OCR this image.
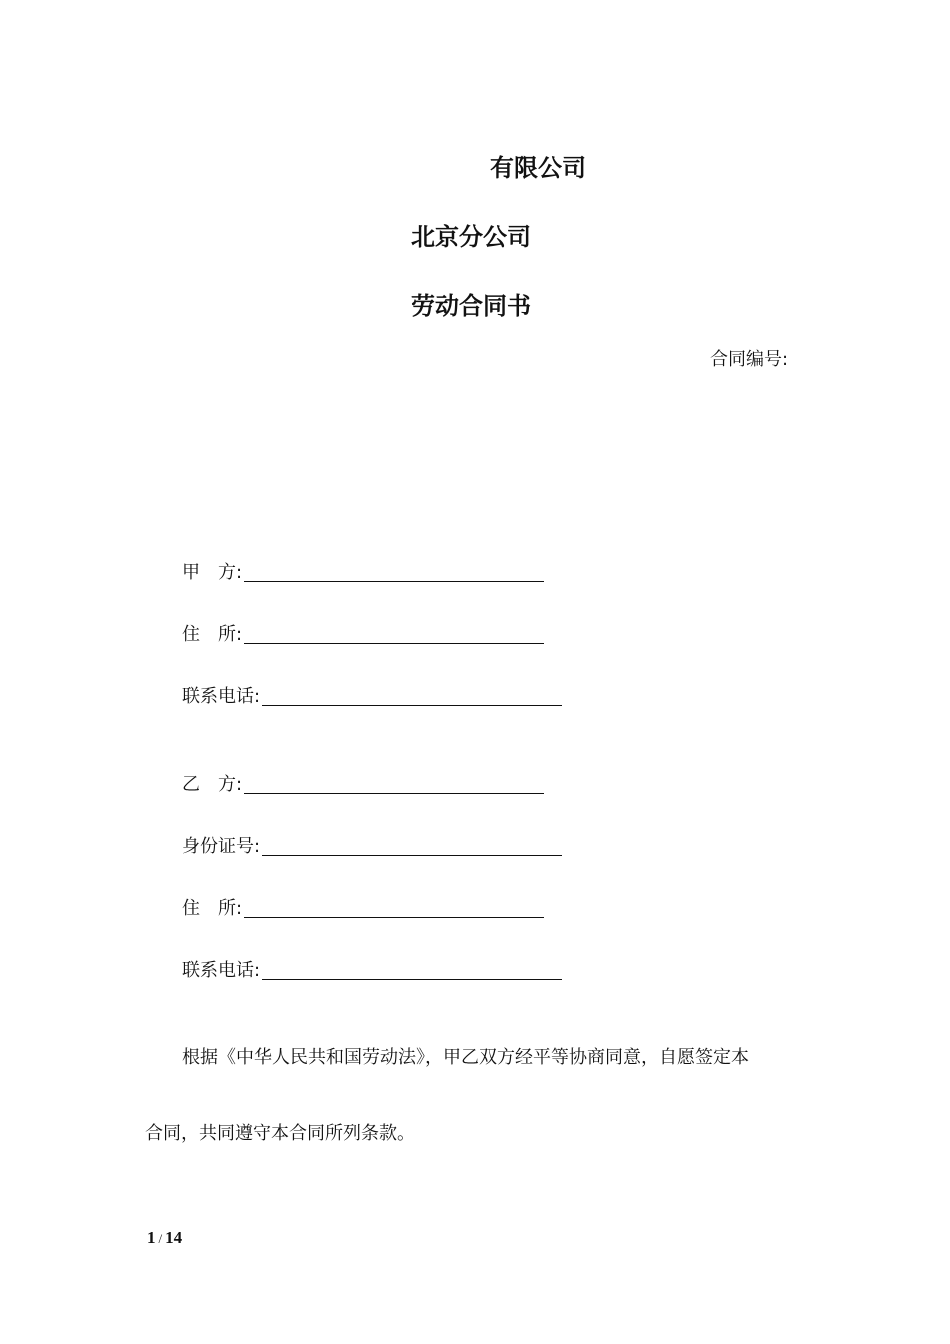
有限公司
北京分公司
劳动合同书
合同编号:
甲　方:
住　所:
联系电话:
乙　方:
身份证号:
住　所:
联系电话:
根据《中华人民共和国劳动法》，甲乙双方经平等协商同意，自愿签定本
合同，共同遵守本合同所列条款。
1 / 14
